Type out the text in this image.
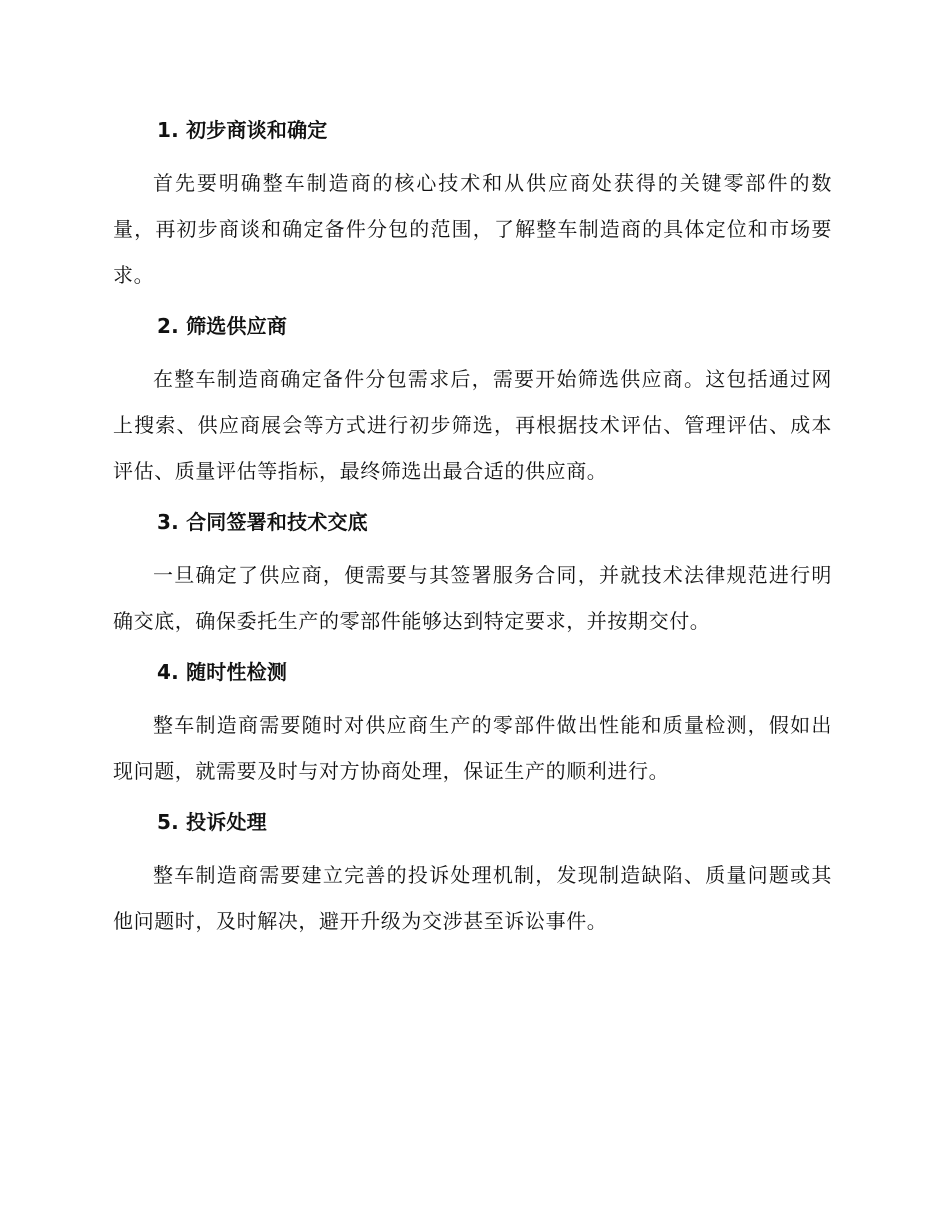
1. 初步商谈和确定

首先要明确整车制造商的核心技术和从供应商处获得的关键零部件的数量，再初步商谈和确定备件分包的范围，了解整车制造商的具体定位和市场要求。

2. 筛选供应商

在整车制造商确定备件分包需求后，需要开始筛选供应商。这包括通过网上搜索、供应商展会等方式进行初步筛选，再根据技术评估、管理评估、成本评估、质量评估等指标，最终筛选出最合适的供应商。

3. 合同签署和技术交底

一旦确定了供应商，便需要与其签署服务合同，并就技术法律规范进行明确交底，确保委托生产的零部件能够达到特定要求，并按期交付。

4. 随时性检测

整车制造商需要随时对供应商生产的零部件做出性能和质量检测，假如出现问题，就需要及时与对方协商处理，保证生产的顺利进行。

5. 投诉处理

整车制造商需要建立完善的投诉处理机制，发现制造缺陷、质量问题或其他问题时，及时解决，避开升级为交涉甚至诉讼事件。
